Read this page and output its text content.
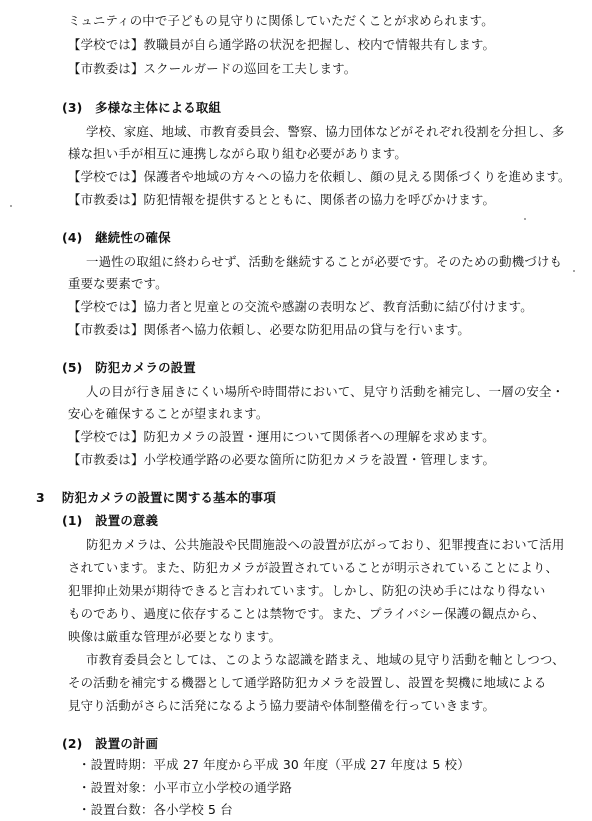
ミュニティの中で子どもの見守りに関係していただくことが求められます。
【学校では】教職員が自ら通学路の状況を把握し、校内で情報共有します。
【市教委は】スクールガードの巡回を工夫します。
(3)　多様な主体による取組
学校、家庭、地域、市教育委員会、警察、協力団体などがそれぞれ役割を分担し、多
様な担い手が相互に連携しながら取り組む必要があります。
【学校では】保護者や地域の方々への協力を依頼し、顔の見える関係づくりを進めます。
【市教委は】防犯情報を提供するとともに、関係者の協力を呼びかけます。
(4)　継続性の確保
一過性の取組に終わらせず、活動を継続することが必要です。そのための動機づけも
重要な要素です。
【学校では】協力者と児童との交流や感謝の表明など、教育活動に結び付けます。
【市教委は】関係者へ協力依頼し、必要な防犯用品の貸与を行います。
(5)　防犯カメラの設置
人の目が行き届きにくい場所や時間帯において、見守り活動を補完し、一層の安全・
安心を確保することが望まれます。
【学校では】防犯カメラの設置・運用について関係者への理解を求めます。
【市教委は】小学校通学路の必要な箇所に防犯カメラを設置・管理します。
3　 防犯カメラの設置に関する基本的事項
(1)　設置の意義
防犯カメラは、公共施設や民間施設への設置が広がっており、犯罪捜査において活用
されています。また、防犯カメラが設置されていることが明示されていることにより、
犯罪抑止効果が期待できると言われています。しかし、防犯の決め手にはなり得ない
ものであり、過度に依存することは禁物です。また、プライバシー保護の観点から、
映像は厳重な管理が必要となります。
市教育委員会としては、このような認識を踏まえ、地域の見守り活動を軸としつつ、
その活動を補完する機器として通学路防犯カメラを設置し、設置を契機に地域による
見守り活動がさらに活発になるよう協力要請や体制整備を行っていきます。
(2)　設置の計画
・設置時期：平成 27 年度から平成 30 年度（平成 27 年度は 5 校）
・設置対象：小平市立小学校の通学路
・設置台数：各小学校 5 台
